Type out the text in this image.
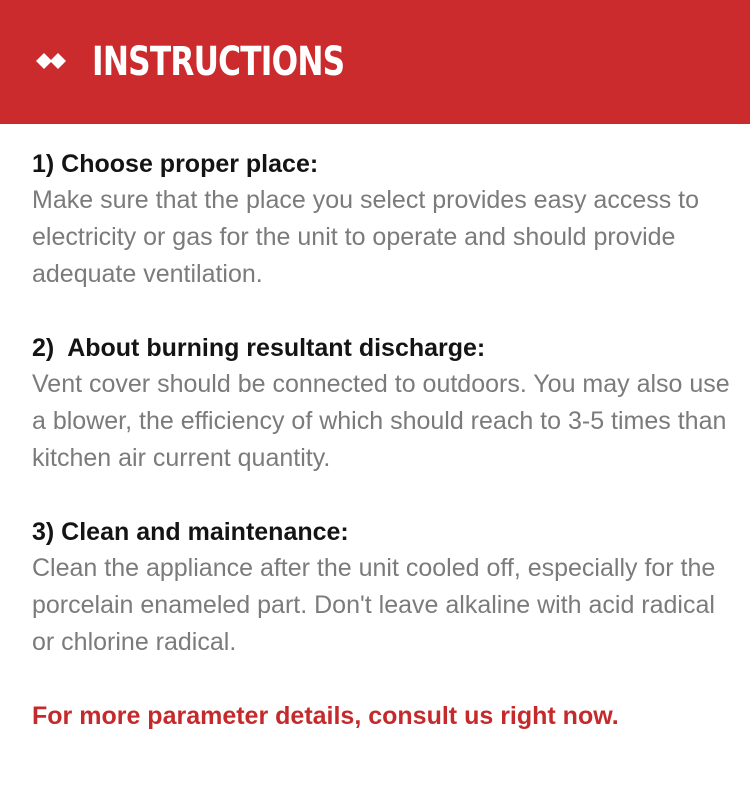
INSTRUCTIONS
1) Choose proper place:
Make sure that the place you select provides easy access to electricity or gas for the unit to operate and should provide adequate ventilation.
2)  About burning resultant discharge:
Vent cover should be connected to outdoors. You may also use a blower, the efficiency of which should reach to 3-5 times than kitchen air current quantity.
3) Clean and maintenance:
Clean the appliance after the unit cooled off, especially for the porcelain enameled part. Don't leave alkaline with acid radical or chlorine radical.
For more parameter details, consult us right now.
